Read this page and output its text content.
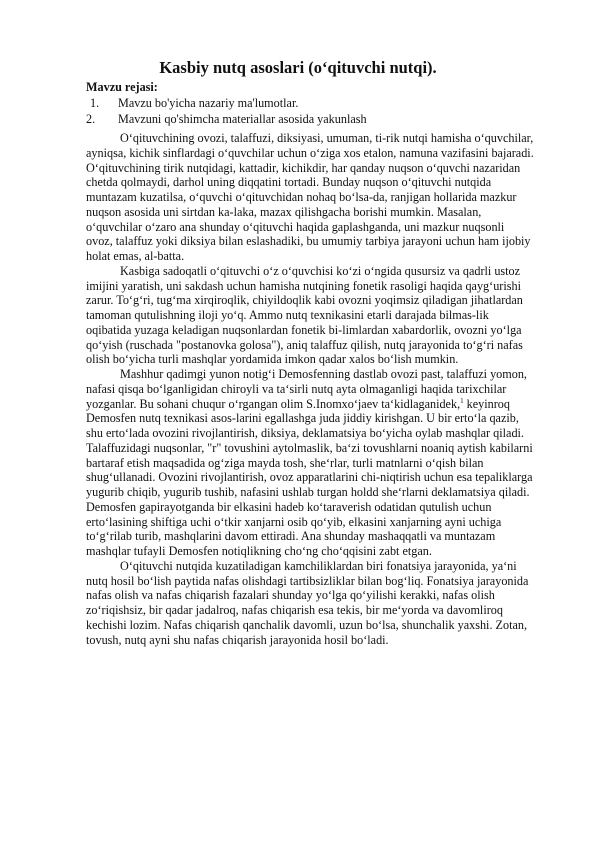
Kasbiy nutq asoslari (o‘qituvchi nutqi).
Mavzu rejasi:
1. Mavzu bo'yicha nazariy ma'lumotlar.
2. Mavzuni qo'shimcha materiallar asosida yakunlash

O‘qituvchining ovozi, talaffuzi, diksiyasi, umuman, ti-rik nutqi hamisha o‘quvchilar, ayniqsa, kichik sinflardagi o‘quvchilar uchun o‘ziga xos etalon, namuna vazifasini bajaradi. O‘qituvchining tirik nutqidagi, kattadir, kichikdir, har qanday nuqson o‘quvchi nazaridan chetda qolmaydi, darhol uning diqqatini tortadi. Bunday nuqson o‘qituvchi nutqida muntazam kuzatilsa, o‘quvchi o‘qituvchidan nohaq bo‘lsa-da, ranjigan hollarida mazkur nuqson asosida uni sirtdan ka-laka, mazax qilishgacha borishi mumkin. Masalan, o‘quvchilar o‘zaro ana shunday o‘qituvchi haqida gaplashganda, uni mazkur nuqsonli ovoz, talaffuz yoki diksiya bilan eslashadiki, bu umumiy tarbiya jarayoni uchun ham ijobiy holat emas, al-batta.

Kasbiga sadoqatli o‘qituvchi o‘z o‘quvchisi ko‘zi o‘ngida qusursiz va qadrli ustoz imijini yaratish, uni sakdash uchun hamisha nutqining fonetik rasoligi haqida qayg‘urishi zarur. To‘g‘ri, tug‘ma xirqiroqlik, chiyildoqlik kabi ovozni yoqimsiz qiladigan jihatlardan tamoman qutulishning iloji yo‘q. Ammo nutq texnikasini etarli darajada bilmas-lik oqibatida yuzaga keladigan nuqsonlardan fonetik bi-limlardan xabardorlik, ovozni yo‘lga qo‘yish (ruschada "postanovka golosa"), aniq talaffuz qilish, nutq jarayonida to‘g‘ri nafas olish bo‘yicha turli mashqlar yordamida imkon qadar xalos bo‘lish mumkin.

Mashhur qadimgi yunon notig‘i Demosfenning dastlab ovozi past, talaffuzi yomon, nafasi qisqa bo‘lganligidan chiroyli va ta‘sirli nutq ayta olmaganligi haqida tarixchilar yozganlar. Bu sohani chuqur o‘rgangan olim S.Inomxo‘jaev ta‘kidlaganidek,$^1$ keyinroq Demosfen nutq texnikasi asos-larini egallashga juda jiddiy kirishgan. U bir erto‘la qazib, shu erto‘lada ovozini rivojlantirish, diksiya, deklamatsiya bo‘yicha oylab mashqlar qiladi. Talaffuzidagi nuqsonlar, "r" tovushini aytolmaslik, ba‘zi tovushlarni noaniq aytish kabilarni bartaraf etish maqsadida og‘ziga mayda tosh, she‘rlar, turli matnlarni o‘qish bilan shug‘ullanadi. Ovozini rivojlantirish, ovoz apparatlarini chi-niqtirish uchun esa tepaliklarga yugurib chiqib, yugurib tushib, nafasini ushlab turgan holdd she‘rlarni deklamatsiya qiladi. Demosfen gapirayotganda bir elkasini hadeb ko‘taraverish odatidan qutulish uchun erto‘lasining shiftiga uchi o‘tkir xanjarni osib qo‘yib, elkasini xanjarning ayni uchiga to‘g‘rilab turib, mashqlarini davom ettiradi. Ana shunday mashaqqatli va muntazam mashqlar tufayli Demosfen notiqlikning cho‘ng cho‘qqisini zabt etgan.

O‘qituvchi nutqida kuzatiladigan kamchiliklardan biri fonatsiya jarayonida, ya‘ni nutq hosil bo‘lish paytida nafas olishdagi tartibsizliklar bilan bog‘liq. Fonatsiya jarayonida nafas olish va nafas chiqarish fazalari shunday yo‘lga qo‘yilishi kerakki, nafas olish zo‘riqishsiz, bir qadar jadalroq, nafas chiqarish esa tekis, bir me‘yorda va davomliroq kechishi lozim. Nafas chiqarish qanchalik davomli, uzun bo‘lsa, shunchalik yaxshi. Zotan, tovush, nutq ayni shu nafas chiqarish jarayonida hosil bo‘ladi.
